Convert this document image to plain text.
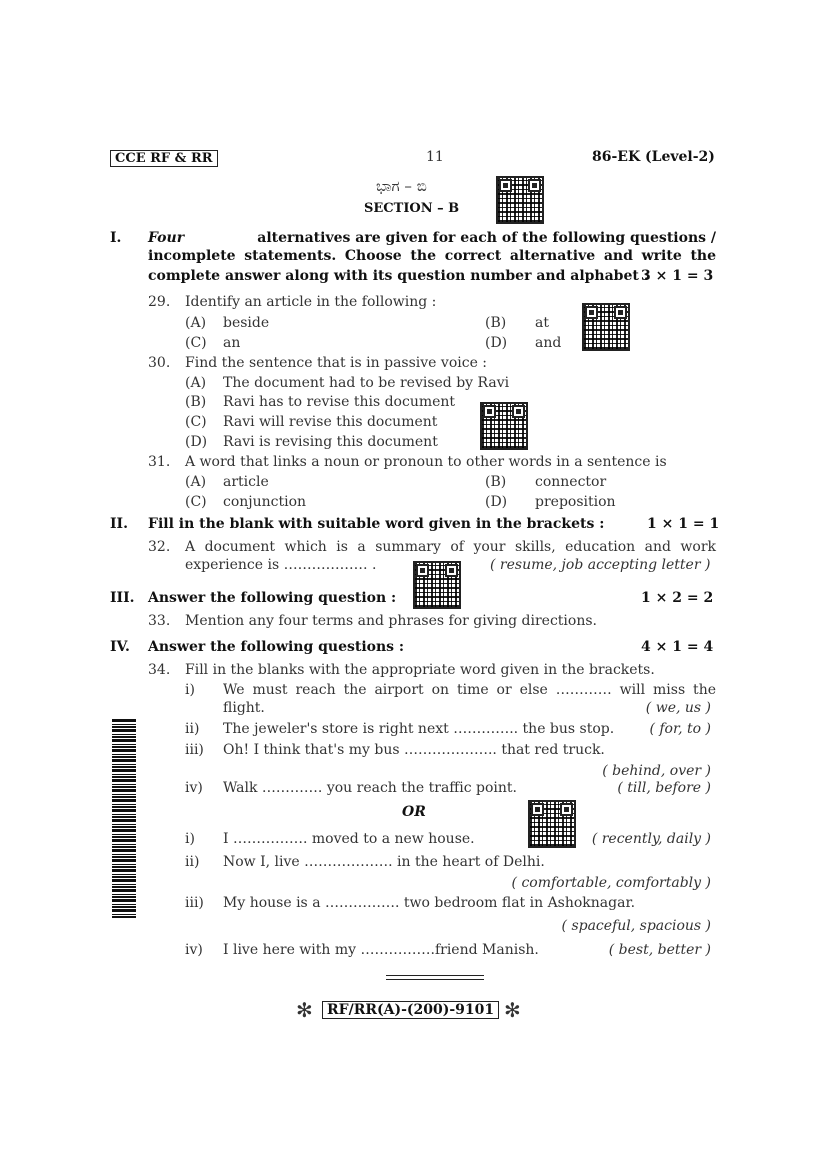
CCE RF & RR	11	86-EK (Level-2)
ಭಾಗ – ಬಿ
SECTION – B
I. Four	alternatives are given for each of the following questions /
incomplete statements. Choose the correct alternative and write the
complete answer along with its question number and alphabet :
3 × 1 = 3
29. Identify an article in the following :
(A) beside	(B) at
(C) an	(D) and
30. Find the sentence that is in passive voice :
(A) The document had to be revised by Ravi
(B) Ravi has to revise this document
(C) Ravi will revise this document
(D) Ravi is revising this document
31. A word that links a noun or pronoun to other words in a sentence is
(A) article	(B) connector
(C) conjunction	(D) preposition
II. Fill in the blank with suitable word given in the brackets :	1 × 1 = 1
32. A document which is a summary of your skills, education and work
experience is ……………… .	( resume, job accepting letter )
III. Answer the following question :	1 × 2 = 2
33. Mention any four terms and phrases for giving directions.
IV. Answer the following questions :	4 × 1 = 4
34. Fill in the blanks with the appropriate word given in the brackets.
i) We must reach the airport on time or else ………… will miss the
flight.	( we, us )
ii) The jeweler's store is right next ………….. the bus stop.	( for, to )
iii) Oh! I think that's my bus ……………….. that red truck.
( behind, over )
iv) Walk …………. you reach the traffic point.	( till, before )
OR
i) I ……………. moved to a new house.	( recently, daily )
ii) Now I, live ………………. in the heart of Delhi.
( comfortable, comfortably )
iii) My house is a ……………. two bedroom flat in Ashoknagar.
( spaceful, spacious )
iv) I live here with my …………….friend Manish.	( best, better )
✻	RF/RR(A)-(200)-9101 ✻
